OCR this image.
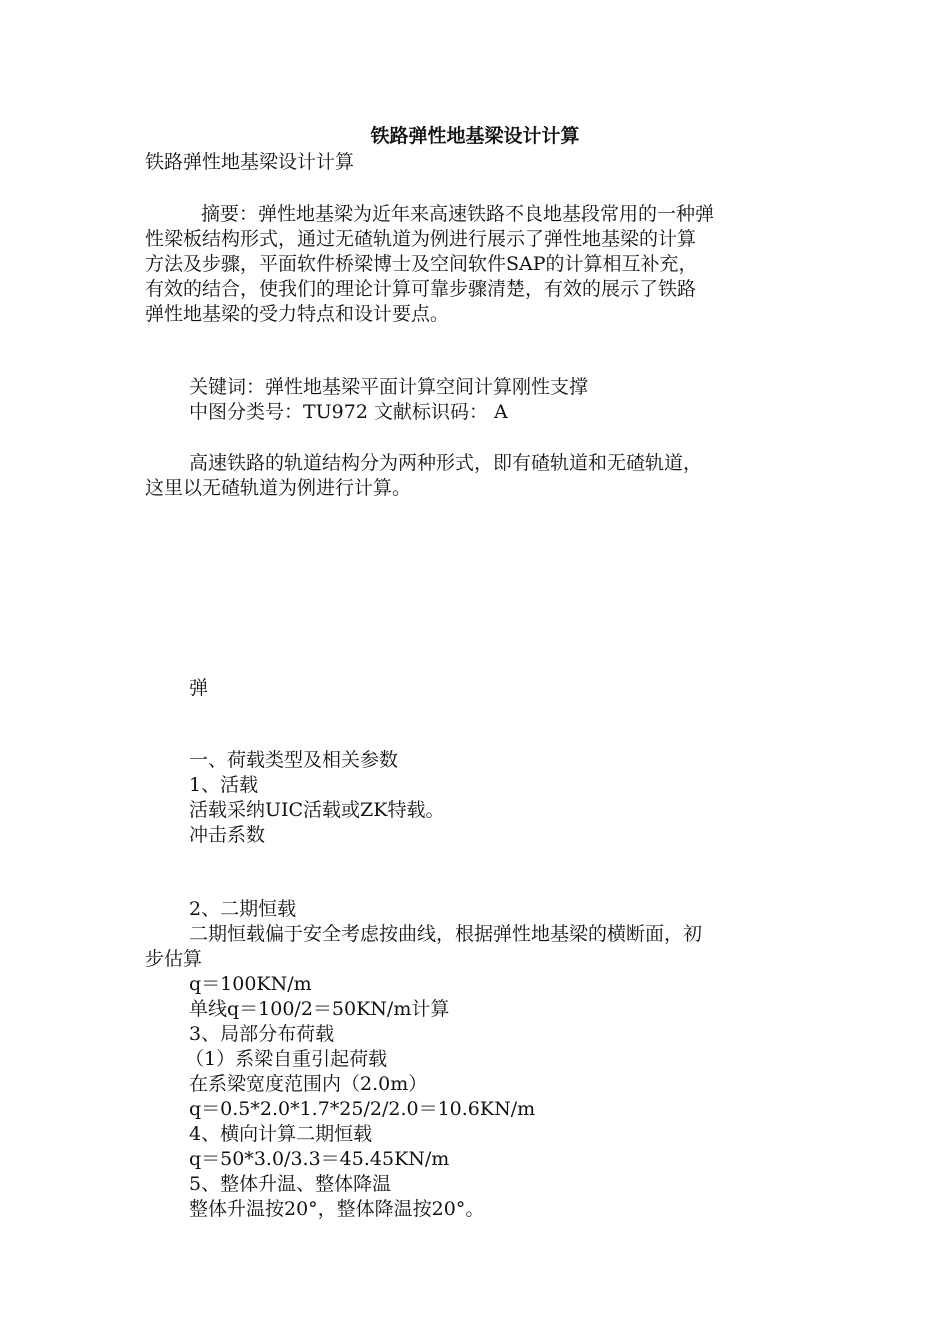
铁路弹性地基梁设计计算
铁路弹性地基梁设计计算
摘要：弹性地基梁为近年来高速铁路不良地基段常用的一种弹
性梁板结构形式，通过无碴轨道为例进行展示了弹性地基梁的计算
方法及步骤，平面软件桥梁博士及空间软件SAP的计算相互补充，
有效的结合，使我们的理论计算可靠步骤清楚，有效的展示了铁路
弹性地基梁的受力特点和设计要点。
关键词：弹性地基梁平面计算空间计算刚性支撑
中图分类号：TU972 文献标识码： A
高速铁路的轨道结构分为两种形式，即有碴轨道和无碴轨道，
这里以无碴轨道为例进行计算。
弹
一、荷载类型及相关参数
1、活载
活载采纳UIC活载或ZK特载。
冲击系数
2、二期恒载
二期恒载偏于安全考虑按曲线，根据弹性地基梁的横断面，初
步估算
q＝100KN/m
单线q＝100/2＝50KN/m计算
3、局部分布荷载
（1）系梁自重引起荷载
在系梁宽度范围内（2.0m）
q＝0.5*2.0*1.7*25/2/2.0＝10.6KN/m
4、横向计算二期恒载
q＝50*3.0/3.3＝45.45KN/m
5、整体升温、整体降温
整体升温按20°，整体降温按20°。
